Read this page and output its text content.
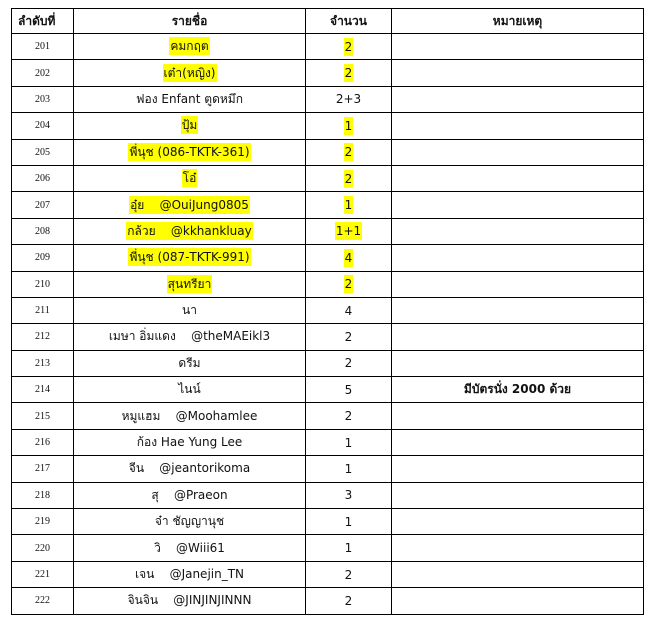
ลำดับที่	รายชื่อ	จำนวน	หมายเหตุ
201	คมกฤต	2	
202	เต๋า(หญิง)	2	
203	ฟอง Enfant ตูดหมึก	2+3	
204	ปุ้ม	1	
205	พี่นุช (086-TKTK-361)	2	
206	โอ๋	2	
207	อุ๋ย    @OuiJung0805	1	
208	กล้วย    @kkhankluay	1+1	
209	พี่นุช (087-TKTK-991)	4	
210	สุนทรียา	2	
211	นา	4	
212	เมษา อิ่มแดง    @theMAEikl3	2	
213	ดรีม	2	
214	ไนน์	5	มีบัตรนั่ง 2000 ด้วย
215	หมูแฮม    @Moohamlee	2	
216	ก้อง Hae Yung Lee	1	
217	จีน    @jeantorikoma	1	
218	สุ    @Praeon	3	
219	จ๋า ชัญญานุช	1	
220	วิ    @Wiii61	1	
221	เจน    @Janejin_TN	2	
222	จินจิน    @JINJINJINNN	2	
